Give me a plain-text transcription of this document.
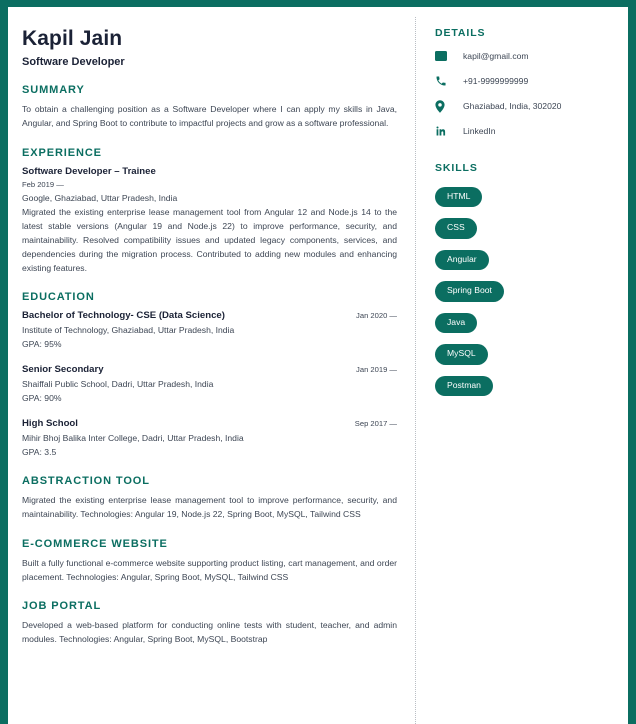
Kapil Jain
Software Developer
SUMMARY

To obtain a challenging position as a Software Developer where I can apply my skills in Java, Angular, and Spring Boot to contribute to impactful projects and grow as a software professional.

EXPERIENCE
Software Developer – Trainee
Feb 2019 —
Google, Ghaziabad, Uttar Pradesh, India

Migrated the existing enterprise lease management tool from Angular 12 and Node.js 14 to the latest stable versions (Angular 19 and Node.js 22) to improve performance, security, and maintainability. Resolved compatibility issues and updated legacy components, services, and dependencies during the migration process. Contributed to adding new modules and enhancing existing features.

EDUCATION
Bachelor of Technology- CSE (Data Science)	Jan 2020 —
Institute of Technology, Ghaziabad, Uttar Pradesh, India
GPA: 95%
Senior Secondary	Jan 2019 —
Shaiffali Public School, Dadri, Uttar Pradesh, India
GPA: 90%
High School	Sep 2017 —
Mihir Bhoj Balika Inter College, Dadri, Uttar Pradesh, India
GPA: 3.5
ABSTRACTION TOOL

Migrated the existing enterprise lease management tool to improve performance, security, and maintainability. Technologies: Angular 19, Node.js 22, Spring Boot, MySQL, Tailwind CSS

E-COMMERCE WEBSITE

Built a fully functional e-commerce website supporting product listing, cart management, and order placement. Technologies: Angular, Spring Boot, MySQL, Tailwind CSS

JOB PORTAL

Developed a web-based platform for conducting online tests with student, teacher, and admin modules. Technologies: Angular, Spring Boot, MySQL, Bootstrap

DETAILS
kapil@gmail.com
+91-9999999999
Ghaziabad, India, 302020
LinkedIn
SKILLS
HTML
CSS
Angular
Spring Boot
Java
MySQL
Postman
